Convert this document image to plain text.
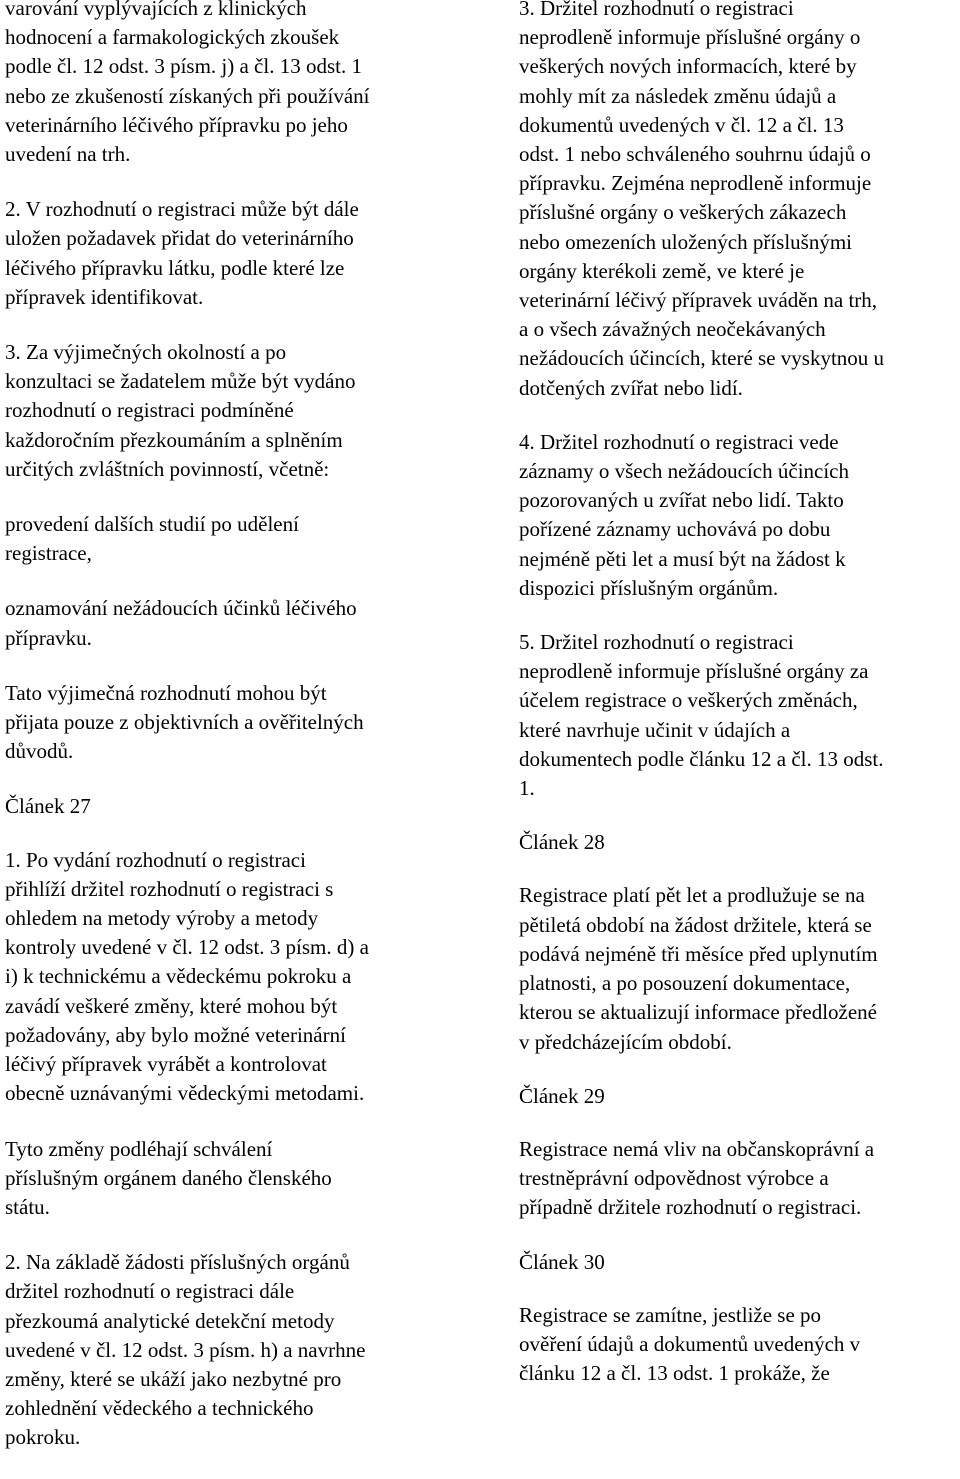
varování vyplývajících z klinických
hodnocení a farmakologických zkoušek
podle čl. 12 odst. 3 písm. j) a čl. 13 odst. 1
nebo ze zkušeností získaných při používání
veterinárního léčivého přípravku po jeho
uvedení na trh.

2. V rozhodnutí o registraci může být dále
uložen požadavek přidat do veterinárního
léčivého přípravku látku, podle které lze
přípravek identifikovat.

3. Za výjimečných okolností a po
konzultaci se žadatelem může být vydáno
rozhodnutí o registraci podmíněné
každoročním přezkoumáním a splněním
určitých zvláštních povinností, včetně:

provedení dalších studií po udělení
registrace,

oznamování nežádoucích účinků léčivého
přípravku.

Tato výjimečná rozhodnutí mohou být
přijata pouze z objektivních a ověřitelných
důvodů.

Článek 27

1. Po vydání rozhodnutí o registraci
přihlíží držitel rozhodnutí o registraci s
ohledem na metody výroby a metody
kontroly uvedené v čl. 12 odst. 3 písm. d) a
i) k technickému a vědeckému pokroku a
zavádí veškeré změny, které mohou být
požadovány, aby bylo možné veterinární
léčivý přípravek vyrábět a kontrolovat
obecně uznávanými vědeckými metodami.

Tyto změny podléhají schválení
příslušným orgánem daného členského
státu.

2. Na základě žádosti příslušných orgánů
držitel rozhodnutí o registraci dále
přezkoumá analytické detekční metody
uvedené v čl. 12 odst. 3 písm. h) a navrhne
změny, které se ukáží jako nezbytné pro
zohlednění vědeckého a technického
pokroku.

3. Držitel rozhodnutí o registraci
neprodleně informuje příslušné orgány o
veškerých nových informacích, které by
mohly mít za následek změnu údajů a
dokumentů uvedených v čl. 12 a čl. 13
odst. 1 nebo schváleného souhrnu údajů o
přípravku. Zejména neprodleně informuje
příslušné orgány o veškerých zákazech
nebo omezeních uložených příslušnými
orgány kterékoli země, ve které je
veterinární léčivý přípravek uváděn na trh,
a o všech závažných neočekávaných
nežádoucích účincích, které se vyskytnou u
dotčených zvířat nebo lidí.

4. Držitel rozhodnutí o registraci vede
záznamy o všech nežádoucích účincích
pozorovaných u zvířat nebo lidí. Takto
pořízené záznamy uchovává po dobu
nejméně pěti let a musí být na žádost k
dispozici příslušným orgánům.

5. Držitel rozhodnutí o registraci
neprodleně informuje příslušné orgány za
účelem registrace o veškerých změnách,
které navrhuje učinit v údajích a
dokumentech podle článku 12 a čl. 13 odst.
1.

Článek 28

Registrace platí pět let a prodlužuje se na
pětiletá období na žádost držitele, která se
podává nejméně tři měsíce před uplynutím
platnosti, a po posouzení dokumentace,
kterou se aktualizují informace předložené
v předcházejícím období.

Článek 29

Registrace nemá vliv na občanskoprávní a
trestněprávní odpovědnost výrobce a
případně držitele rozhodnutí o registraci.

Článek 30

Registrace se zamítne, jestliže se po
ověření údajů a dokumentů uvedených v
článku 12 a čl. 13 odst. 1 prokáže, že
